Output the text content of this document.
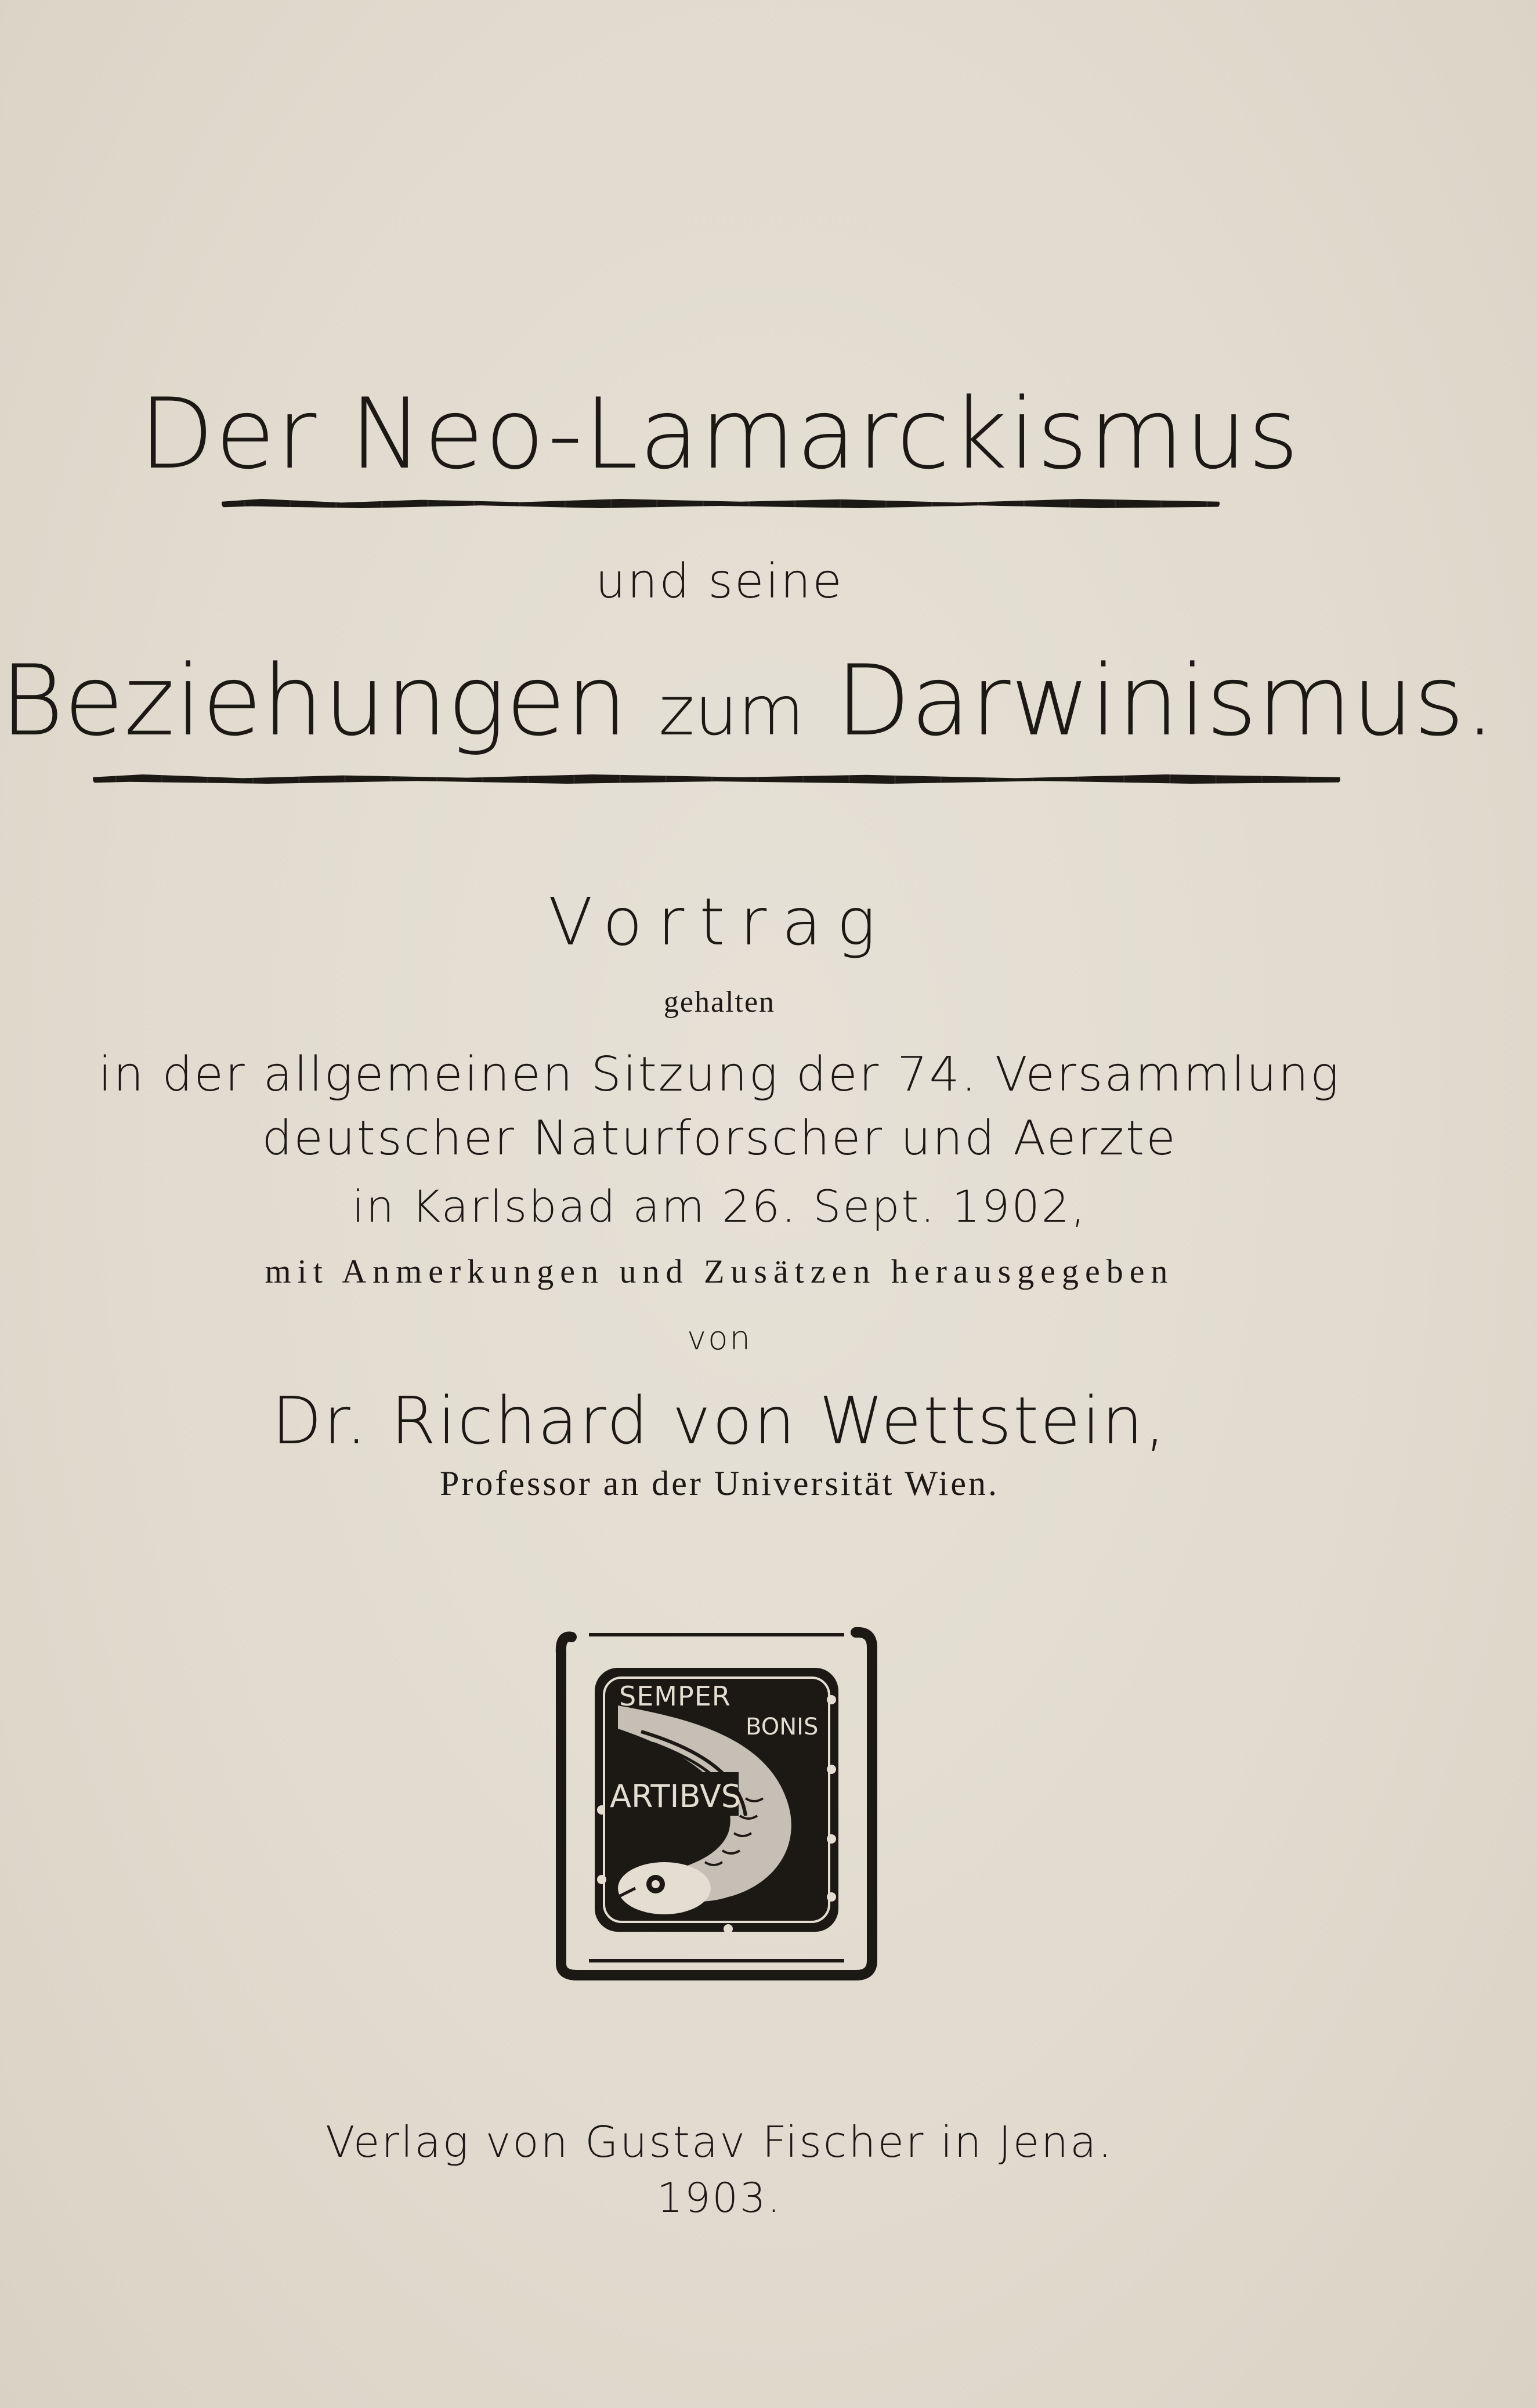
Der Neo-Lamarckismus
und seine
Beziehungen zum Darwinismus.
Vortrag
gehalten
in der allgemeinen Sitzung der 74. Versammlung
deutscher Naturforscher und Aerzte
in Karlsbad am 26. Sept. 1902,
mit Anmerkungen und Zusätzen herausgegeben
von
Dr. Richard von Wettstein,
Professor an der Universität Wien.
SEMPER
BONIS
ARTIBVS
Verlag von Gustav Fischer in Jena.
1903.
